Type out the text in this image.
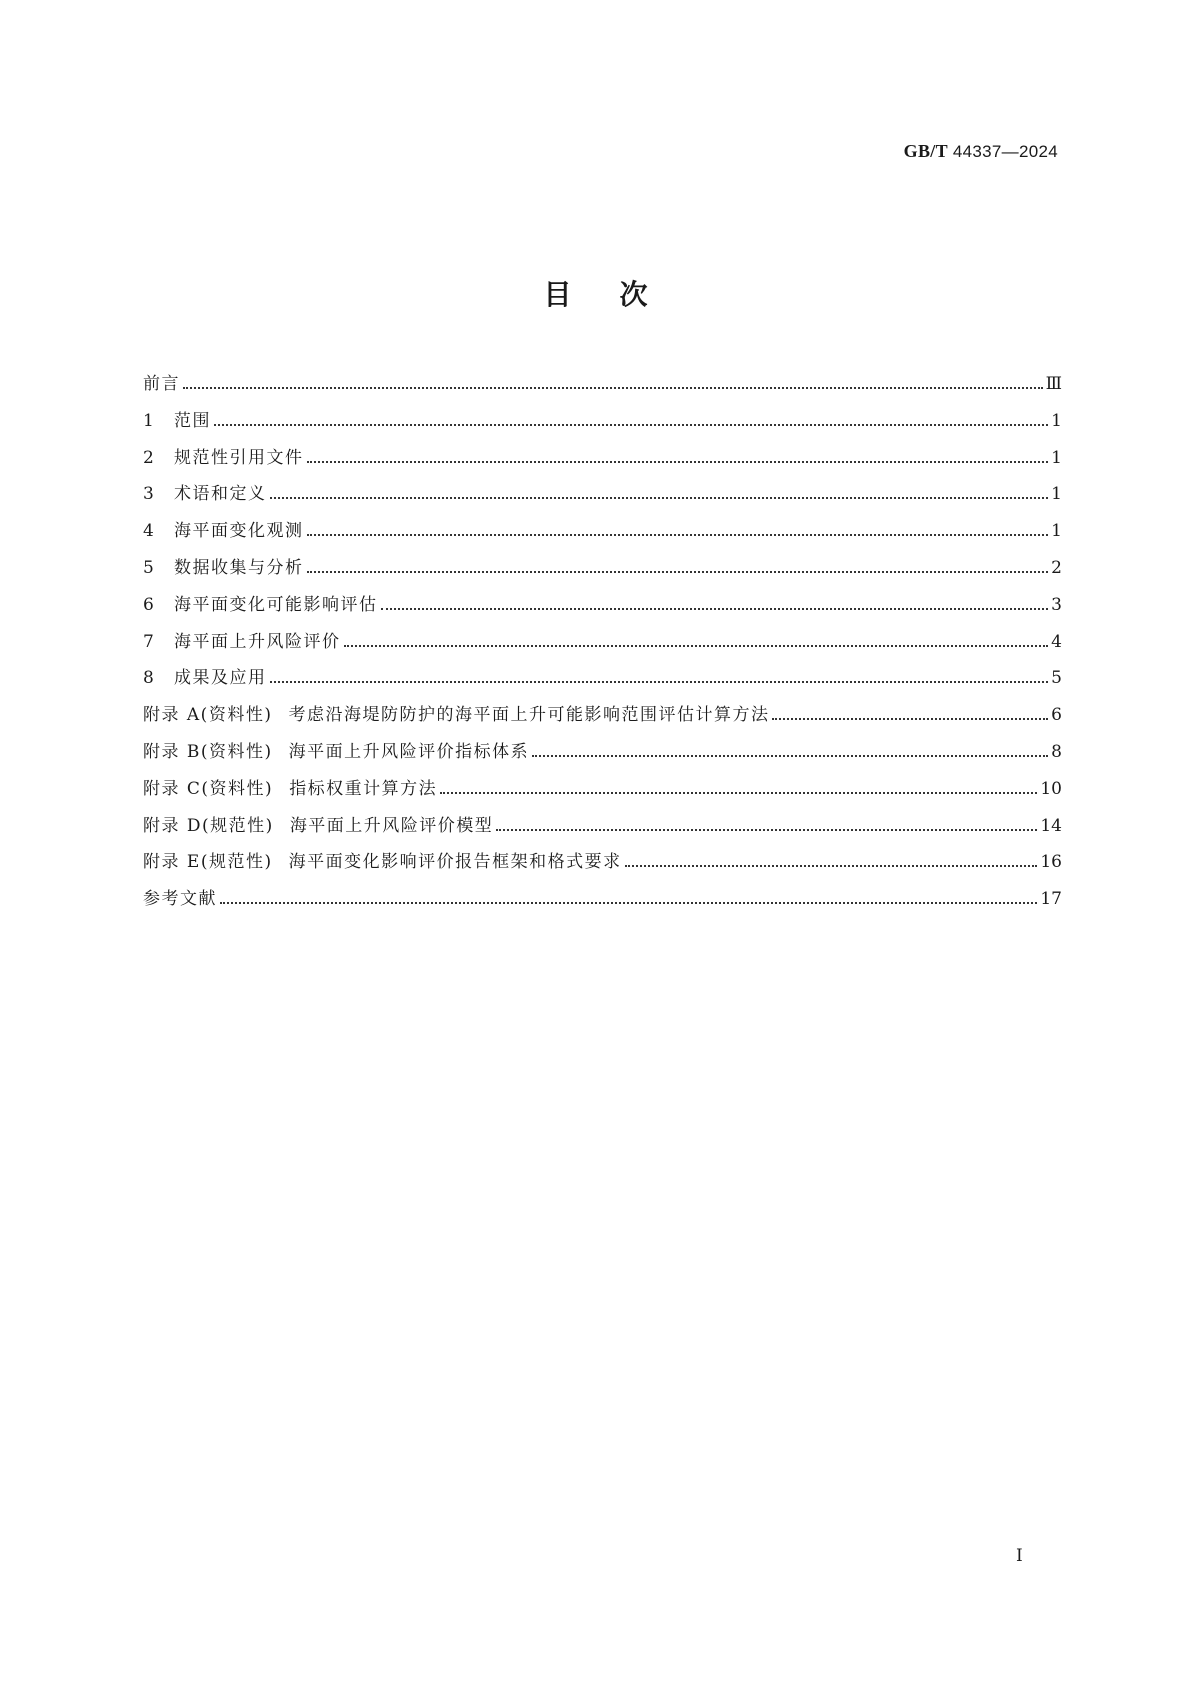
GB/T 44337—2024
目次
前言	Ⅲ
1	范围	1
2	规范性引用文件	1
3	术语和定义	1
4	海平面变化观测	1
5	数据收集与分析	2
6	海平面变化可能影响评估	3
7	海平面上升风险评价	4
8	成果及应用	5
附录 A(资料性) 考虑沿海堤防防护的海平面上升可能影响范围评估计算方法	6
附录 B(资料性) 海平面上升风险评价指标体系	8
附录 C(资料性) 指标权重计算方法	10
附录 D(规范性) 海平面上升风险评价模型	14
附录 E(规范性) 海平面变化影响评价报告框架和格式要求	16
参考文献	17
I
